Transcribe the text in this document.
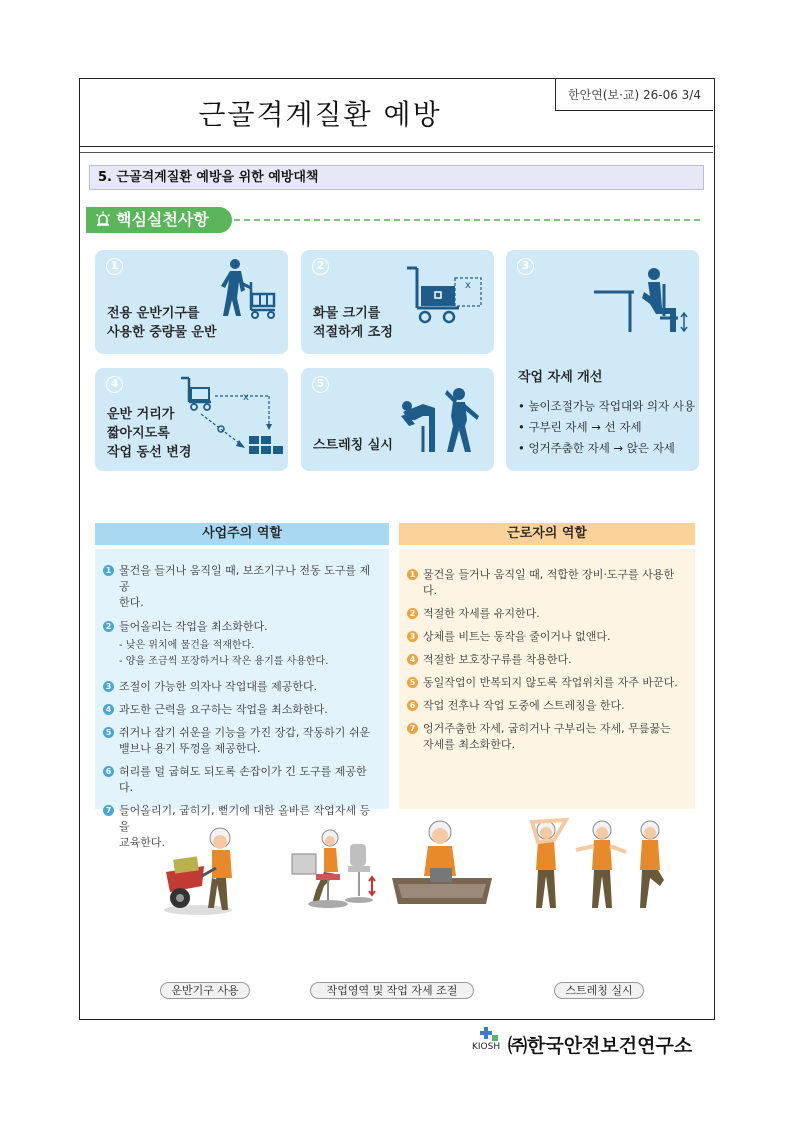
근골격계질환 예방
한안연(보·교) 26-06 3/4
5. 근골격계질환 예방을 위한 예방대책
핵심실천사항
1
전용 운반기구를
사용한 중량물 운반
2
화물 크기를
적절하게 조정
x
3
작업 자세 개선
• 높이조절가능 작업대와 의자 사용
• 구부린 자세 → 선 자세
• 엉거주춤한 자세 → 앉은 자세
4
운반 거리가
짧아지도록
작업 동선 변경
x
5
스트레칭 실시
사업주의 역할
1 물건을 들거나 움직일 때, 보조기구나 전동 도구를 제공
한다.
2 들어올리는 작업을 최소화한다.
- 낮은 위치에 물건을 적재한다.
- 양을 조금씩 포장하거나 작은 용기를 사용한다.
3 조절이 가능한 의자나 작업대를 제공한다.
4 과도한 근력을 요구하는 작업을 최소화한다.
5 쥐거나 잡기 쉬운을 기능을 가진 장갑, 작동하기 쉬운
밸브나 용기 뚜껑을 제공한다.
6 허리를 덜 굽혀도 되도록 손잡이가 긴 도구를 제공한다.
7 들어올리기, 굽히기, 뻗기에 대한 올바른 작업자세 등을
교육한다.
근로자의 역할
1 물건을 들거나 움직일 때, 적합한 장비·도구를 사용한다.
2 적절한 자세를 유지한다.
3 상체를 비트는 동작을 줄이거나 없앤다.
4 적절한 보호장구류를 착용한다.
5 동일작업이 반복되지 않도록 작업위치를 자주 바꾼다.
6 작업 전후나 작업 도중에 스트레칭을 한다.
7 엉거주춤한 자세, 굽히거나 구부리는 자세, 무릎꿇는
자세를 최소화한다.
운반기구 사용	작업영역 및 작업 자세 조절	스트레칭 실시
KIOSH ㈜한국안전보건연구소
